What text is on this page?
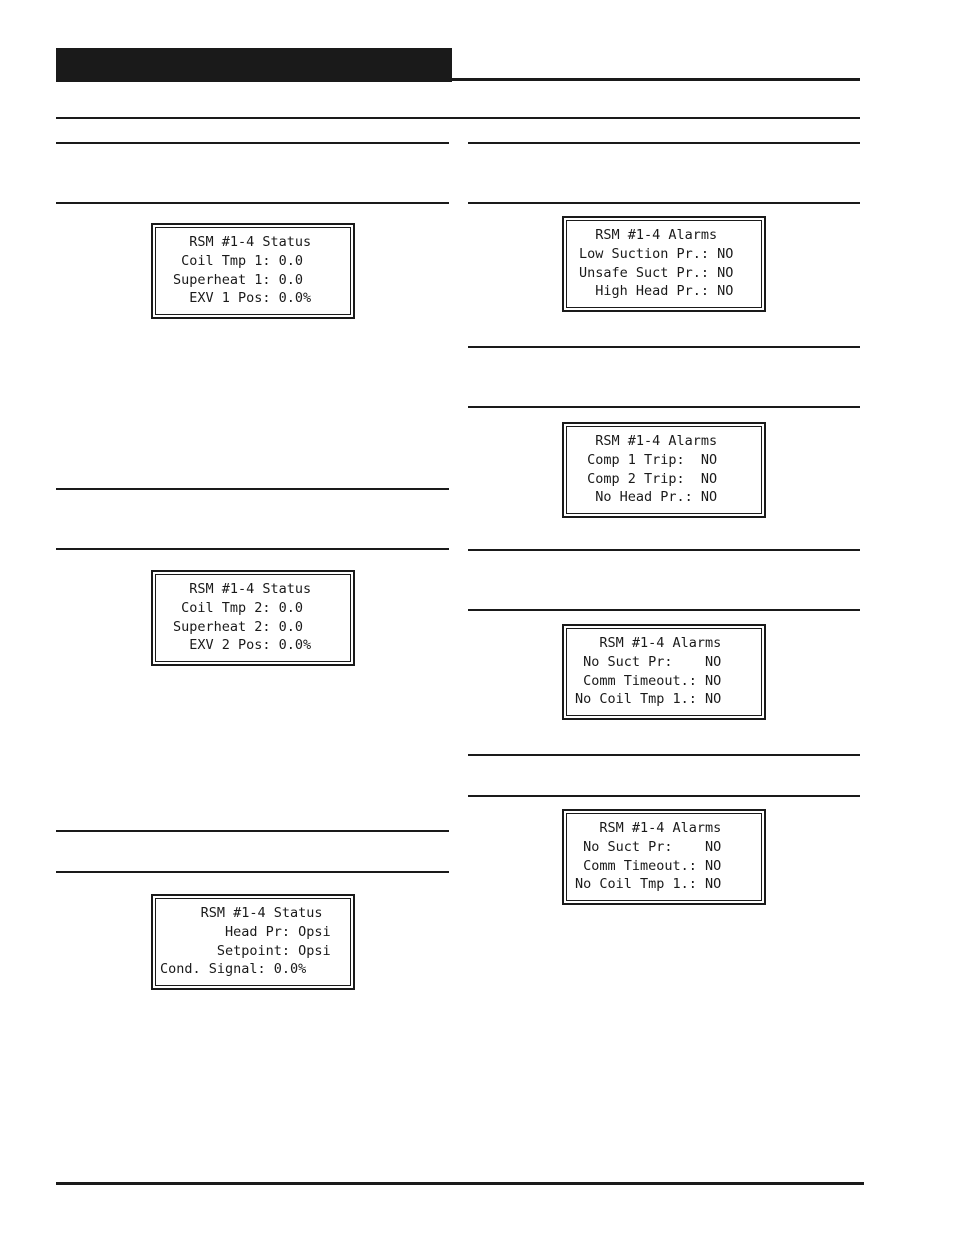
RSM #1-4 Status
Coil Tmp 1: 0.0
Superheat 1: 0.0
EXV 1 Pos: 0.0%
RSM #1-4 Status
Coil Tmp 2: 0.0
Superheat 2: 0.0
EXV 2 Pos: 0.0%
RSM #1-4 Status
Head Pr: Opsi
Setpoint: Opsi
Cond. Signal: 0.0%
RSM #1-4 Alarms
Low Suction Pr.: NO
Unsafe Suct Pr.: NO
High Head Pr.: NO
RSM #1-4 Alarms
Comp 1 Trip:  NO
Comp 2 Trip:  NO
No Head Pr.: NO
RSM #1-4 Alarms
No Suct Pr:    NO
Comm Timeout.: NO
No Coil Tmp 1.: NO
RSM #1-4 Alarms
No Suct Pr:    NO
Comm Timeout.: NO
No Coil Tmp 1.: NO
